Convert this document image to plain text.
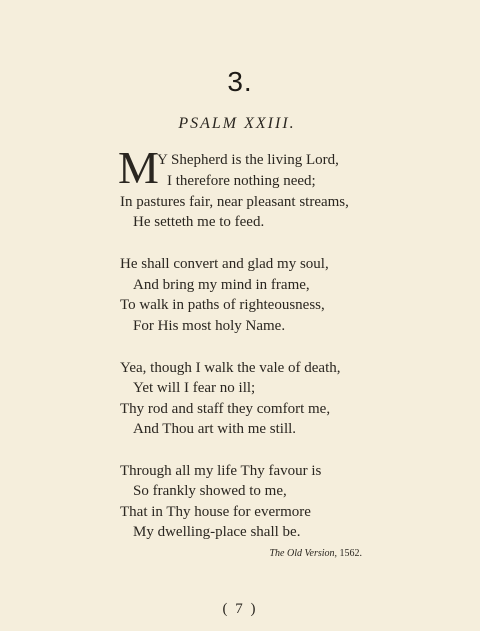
3.
PSALM XXIII.
M Y Shepherd is the living Lord,
I therefore nothing need;
In pastures fair, near pleasant streams,
He setteth me to feed.
He shall convert and glad my soul,
And bring my mind in frame,
To walk in paths of righteousness,
For His most holy Name.
Yea, though I walk the vale of death,
Yet will I fear no ill;
Thy rod and staff they comfort me,
And Thou art with me still.
Through all my life Thy favour is
So frankly showed to me,
That in Thy house for evermore
My dwelling-place shall be.
The Old Version, 1562.
( 7 )
